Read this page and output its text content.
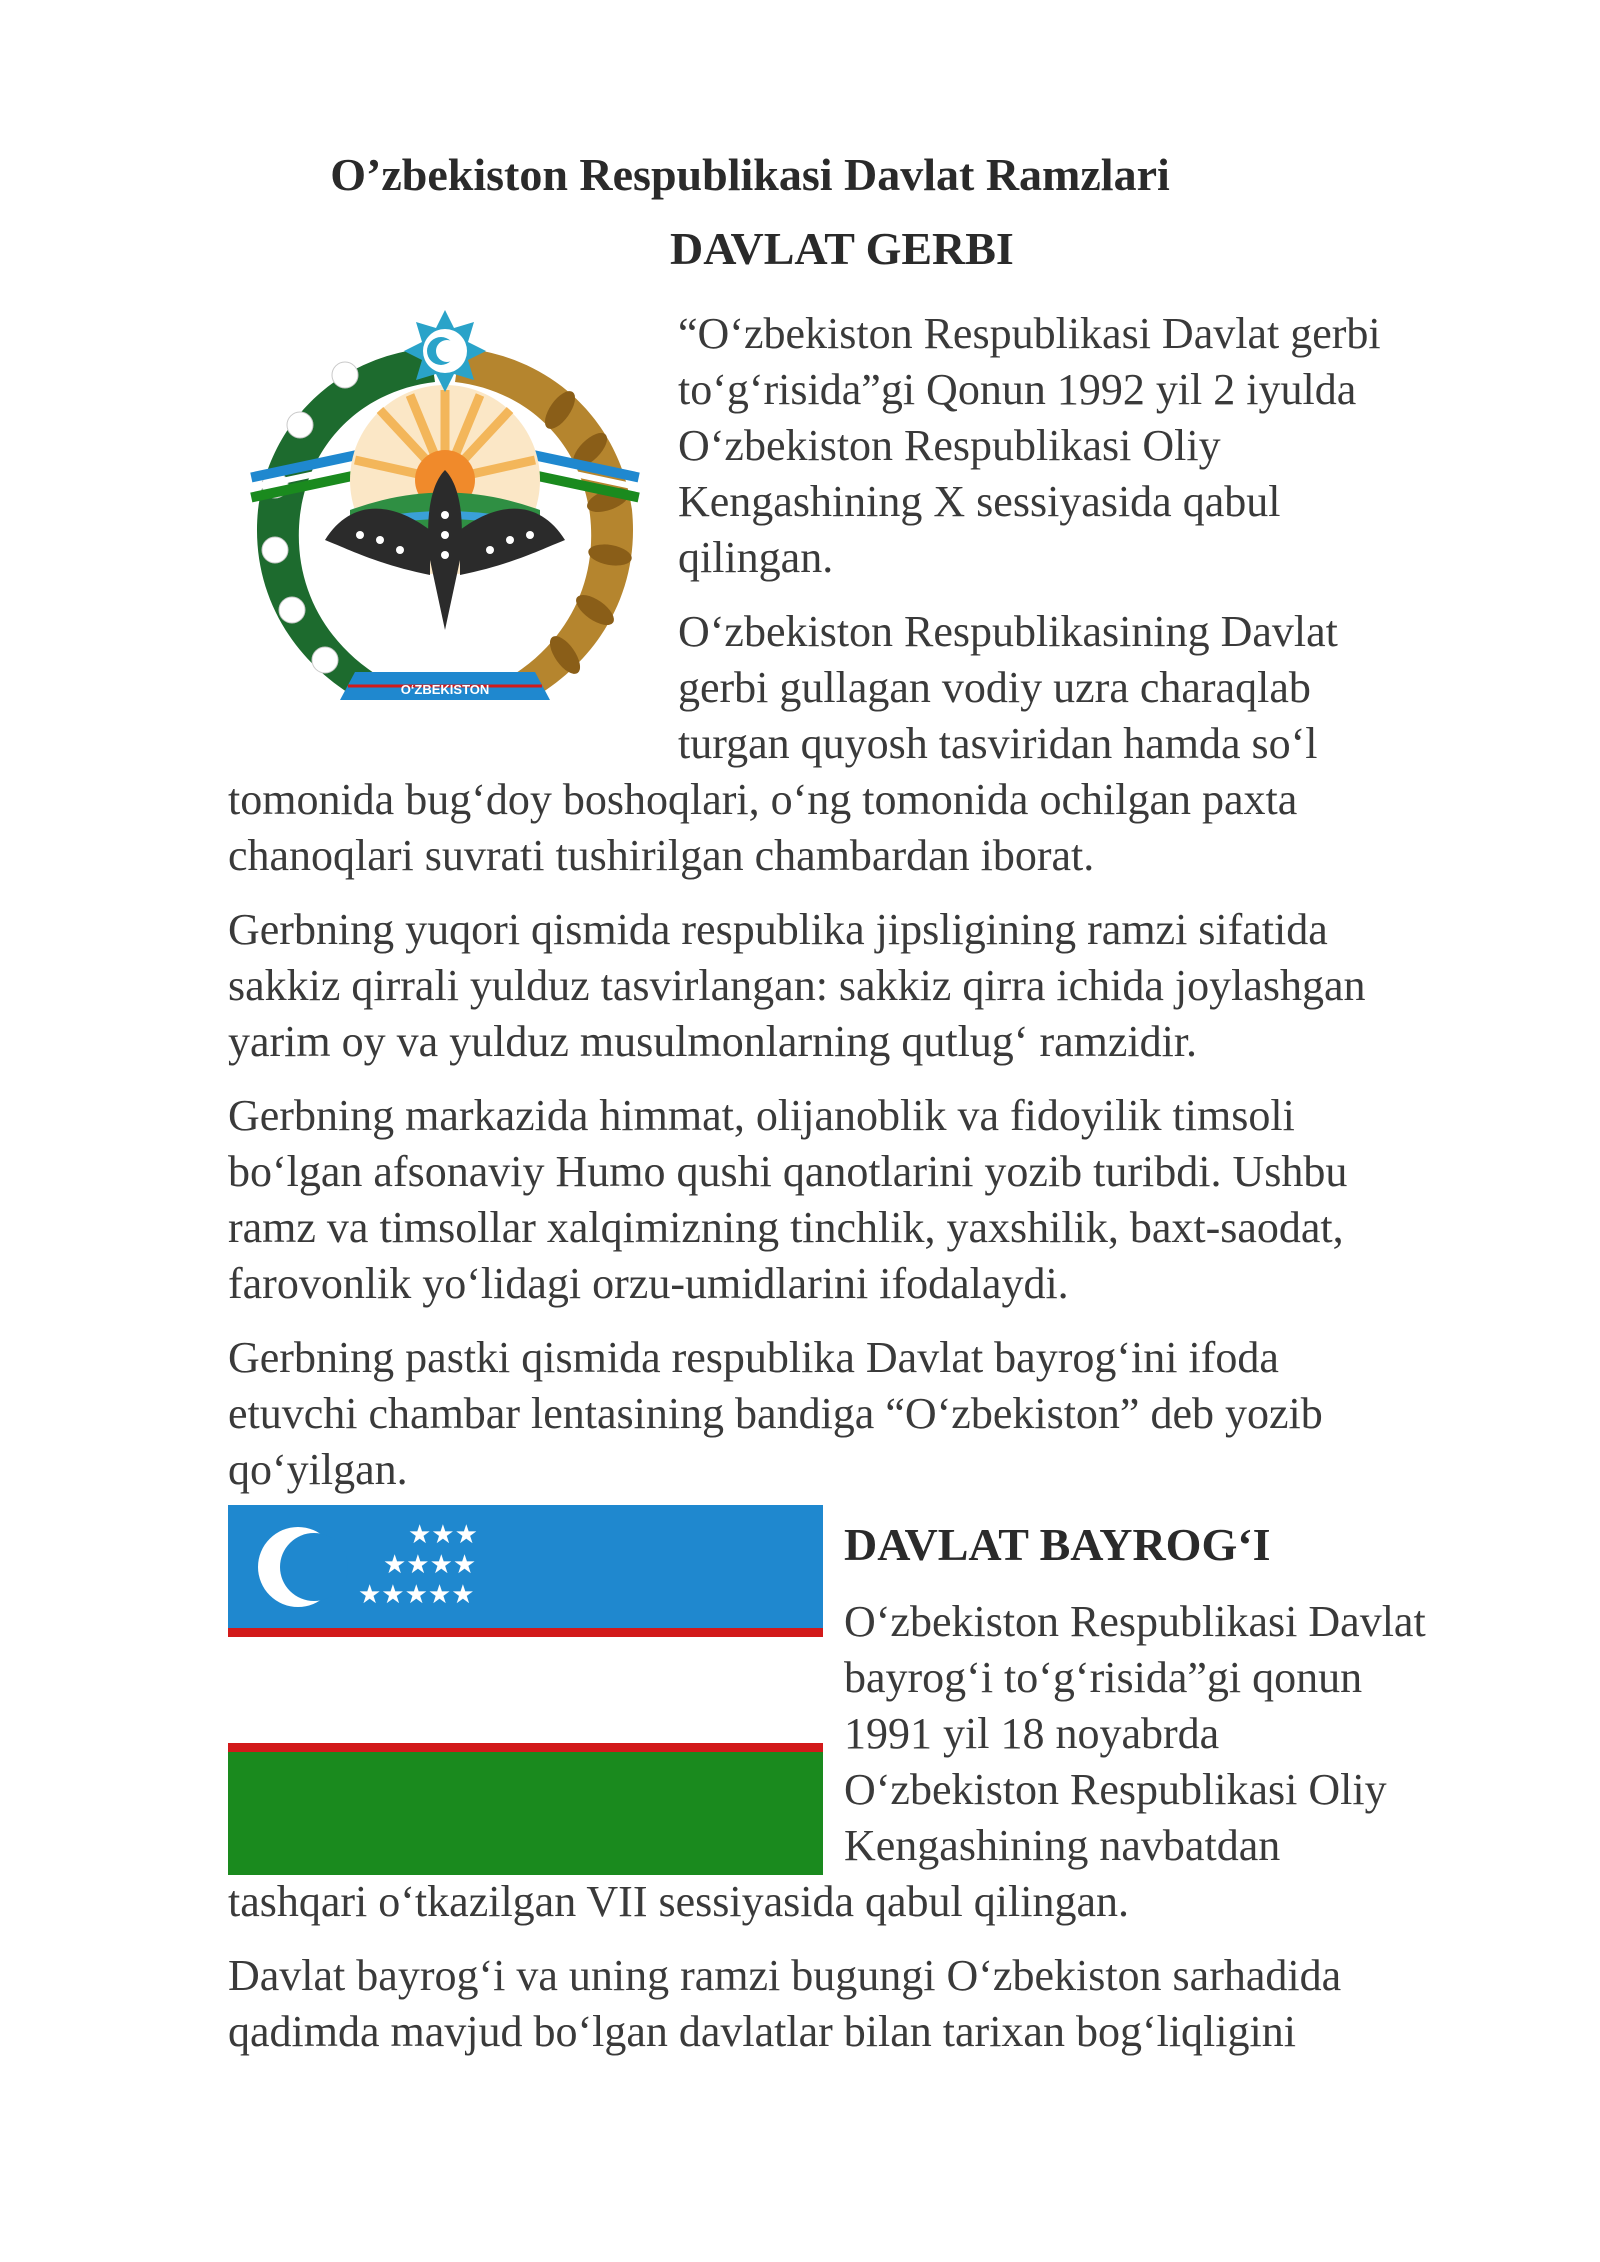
O’zbekiston Respublikasi Davlat Ramzlari
DAVLAT GERBI
O‘ZBEKISTON

“O‘zbekiston Respublikasi Davlat gerbi

to‘g‘risida”gi Qonun 1992 yil 2 iyulda

O‘zbekiston Respublikasi Oliy

Kengashining X sessiyasida qabul

qilingan.

O‘zbekiston Respublikasining Davlat

gerbi gullagan vodiy uzra charaqlab

turgan quyosh tasviridan hamda so‘l

tomonida bug‘doy boshoqlari, o‘ng tomonida ochilgan paxta

chanoqlari suvrati tushirilgan chambardan iborat.

Gerbning yuqori qismida respublika jipsligining ramzi sifatida

sakkiz qirrali yulduz tasvirlangan: sakkiz qirra ichida joylashgan

yarim oy va yulduz musulmonlarning qutlug‘ ramzidir.

Gerbning markazida himmat, olijanoblik va fidoyilik timsoli

bo‘lgan afsonaviy Humo qushi qanotlarini yozib turibdi. Ushbu

ramz va timsollar xalqimizning tinchlik, yaxshilik, baxt-saodat,

farovonlik yo‘lidagi orzu-umidlarini ifodalaydi.

Gerbning pastki qismida respublika Davlat bayrog‘ini ifoda

etuvchi chambar lentasining bandiga “O‘zbekiston” deb yozib

qo‘yilgan.

★★★
★★★★
★★★★★
DAVLAT BAYROG‘I

O‘zbekiston Respublikasi Davlat

bayrog‘i to‘g‘risida”gi qonun

1991 yil 18 noyabrda

O‘zbekiston Respublikasi Oliy

Kengashining navbatdan

tashqari o‘tkazilgan VII sessiyasida qabul qilingan.

Davlat bayrog‘i va uning ramzi bugungi O‘zbekiston sarhadida

qadimda mavjud bo‘lgan davlatlar bilan tarixan bog‘liqligini
